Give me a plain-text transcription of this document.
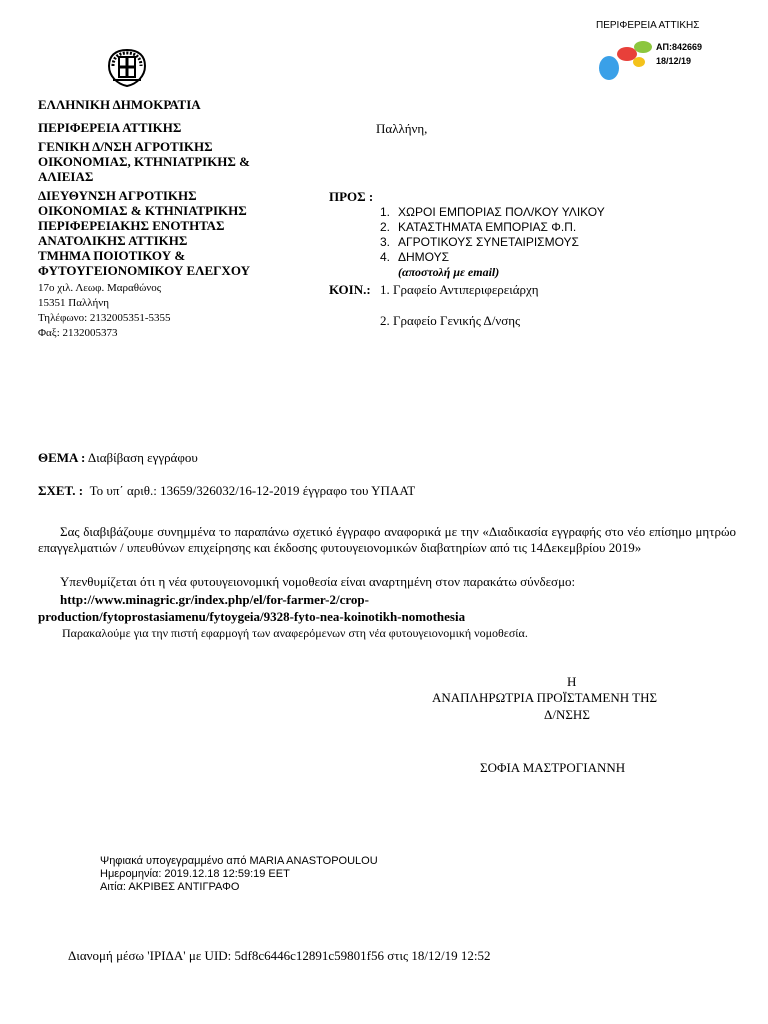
ΠΕΡΙΦΕΡΕΙΑ ΑΤΤΙΚΗΣ
ΑΠ:842669
18/12/19
ΕΛΛΗΝΙΚΗ ΔΗΜΟΚΡΑΤΙΑ
ΠΕΡΙΦΕΡΕΙΑ ΑΤΤΙΚΗΣ
ΓΕΝΙΚΗ Δ/ΝΣΗ ΑΓΡΟΤΙΚΗΣ
ΟΙΚΟΝΟΜΙΑΣ, ΚΤΗΝΙΑΤΡΙΚΗΣ &
ΑΛΙΕΙΑΣ
ΔΙΕΥΘΥΝΣΗ ΑΓΡΟΤΙΚΗΣ
ΟΙΚΟΝΟΜΙΑΣ & ΚΤΗΝΙΑΤΡΙΚΗΣ
ΠΕΡΙΦΕΡΕΙΑΚΗΣ ΕΝΟΤΗΤΑΣ
ΑΝΑΤΟΛΙΚΗΣ ΑΤΤΙΚΗΣ
ΤΜΗΜΑ ΠΟΙΟΤΙΚΟΥ &
ΦΥΤΟΥΓΕΙΟΝΟΜΙΚΟΥ ΕΛΕΓΧΟΥ
17ο χιλ. Λεωφ. Μαραθώνος
15351 Παλλήνη
Τηλέφωνο: 2132005351-5355
Φαξ: 2132005373
Παλλήνη,
ΠΡΟΣ :
1. ΧΩΡΟΙ ΕΜΠΟΡΙΑΣ ΠΟΛ/ΚΟΥ ΥΛΙΚΟΥ
2. ΚΑΤΑΣΤΗΜΑΤΑ ΕΜΠΟΡΙΑΣ Φ.Π.
3. ΑΓΡΟΤΙΚΟΥΣ ΣΥΝΕΤΑΙΡΙΣΜΟΥΣ
4. ΔΗΜΟΥΣ
(αποστολή με email)
ΚΟΙΝ.: 1. Γραφείο Αντιπεριφερειάρχη
2. Γραφείο Γενικής Δ/νσης
ΘΕΜΑ : Διαβίβαση εγγράφου
ΣΧΕΤ. : Το υπ΄ αριθ.: 13659/326032/16-12-2019 έγγραφο του ΥΠΑΑΤ
Σας διαβιβάζουμε συνημμένα το παραπάνω σχετικό έγγραφο αναφορικά με την «Διαδικασία εγγραφής στο νέο επίσημο μητρώο επαγγελματιών / υπευθύνων επιχείρησης και έκδοσης φυτουγειονομικών διαβατηρίων από τις 14Δεκεμβρίου 2019»
Υπενθυμίζεται ότι η νέα φυτουγειονομική νομοθεσία είναι αναρτημένη στον παρακάτω σύνδεσμο:
http://www.minagric.gr/index.php/el/for-farmer-2/crop-
production/fytoprostasiamenu/fytoygeia/9328-fyto-nea-koinotikh-nomothesia
Παρακαλούμε για την πιστή εφαρμογή των αναφερόμενων στη νέα φυτουγειονομική νομοθεσία.
Η
ΑΝΑΠΛΗΡΩΤΡΙΑ ΠΡΟΪΣΤΑΜΕΝΗ ΤΗΣ
Δ/ΝΣΗΣ
ΣΟΦΙΑ ΜΑΣΤΡΟΓΙΑΝΝΗ
Ψηφιακά υπογεγραμμένο από MARIA ANASTOPOULOU
Ημερομηνία: 2019.12.18 12:59:19 EET
Αιτία: ΑΚΡΙΒΕΣ ΑΝΤΙΓΡΑΦΟ
Διανομή μέσω 'ΙΡΙΔΑ' με UID: 5df8c6446c12891c59801f56 στις 18/12/19 12:52
